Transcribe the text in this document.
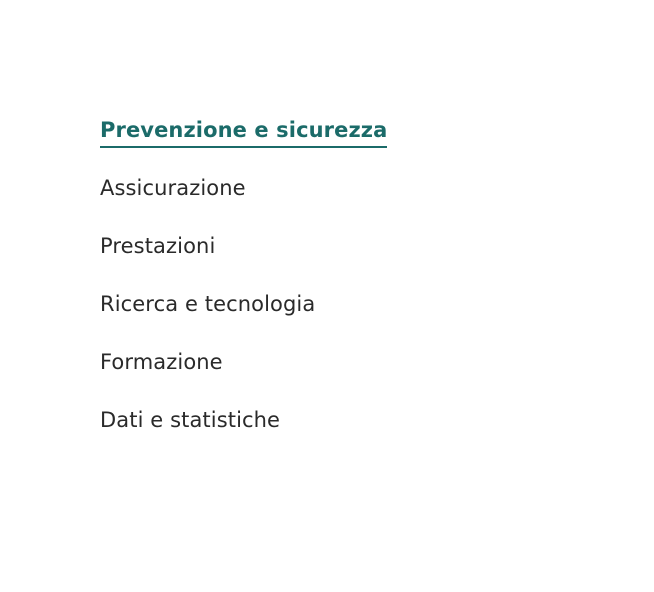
Prevenzione e sicurezza
Assicurazione
Prestazioni
Ricerca e tecnologia
Formazione
Dati e statistiche
